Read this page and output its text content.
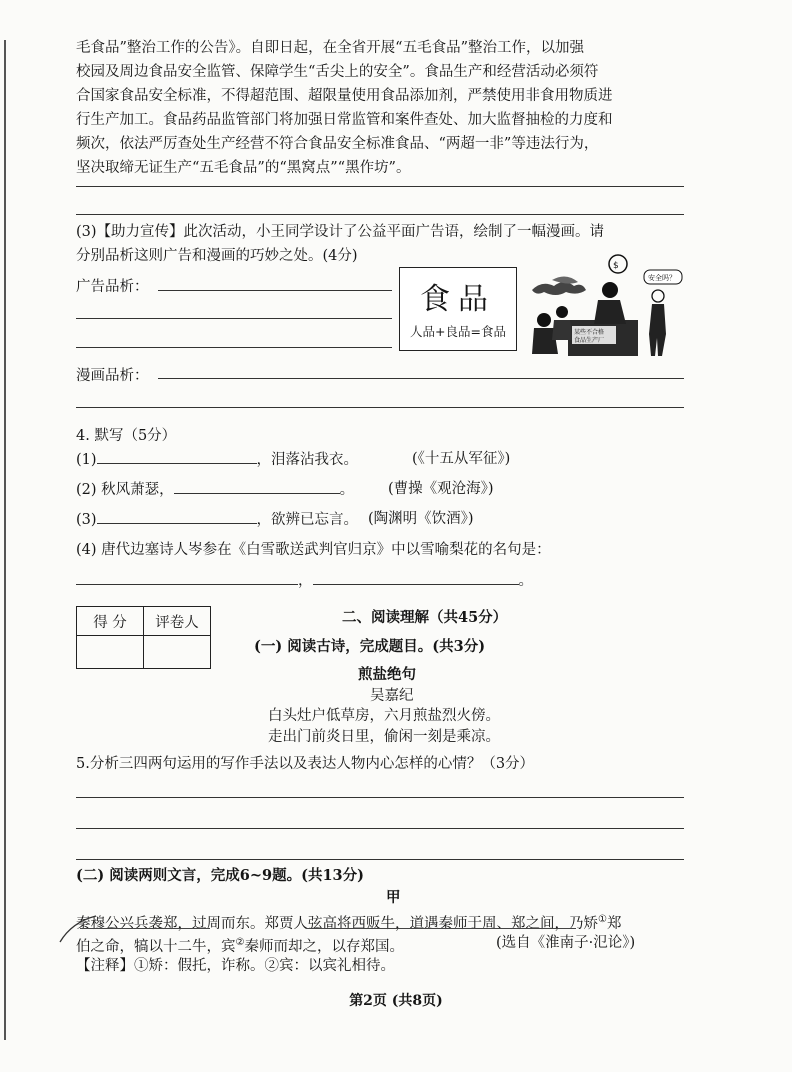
毛食品”整治工作的公告》。自即日起，在全省开展“五毛食品”整治工作，以加强
校园及周边食品安全监管、保障学生“舌尖上的安全”。食品生产和经营活动必须符
合国家食品安全标准，不得超范围、超限量使用食品添加剂，严禁使用非食用物质进
行生产加工。食品药品监管部门将加强日常监管和案件查处、加大监督抽检的力度和
频次，依法严厉查处生产经营不符合食品安全标准食品、“两超一非”等违法行为，
坚决取缔无证生产“五毛食品”的“黑窝点”“黑作坊”。
(3)【助力宣传】此次活动，小王同学设计了公益平面广告语，绘制了一幅漫画。请
分别品析这则广告和漫画的巧妙之处。(4分)
广告品析：	食品
人品+良品=食品	某些不合格
食品生产厂
$
安全吗？
漫画品析：
4. 默写（5分）
(1)	，泪落沾我衣。	(《十五从军征》)
(2) 秋风萧瑟，	。 (曹操《观沧海》)
(3)	，欲辨已忘言。 (陶渊明《饮酒》)
(4) 唐代边塞诗人岑参在《白雪歌送武判官归京》中以雪喻梨花的名句是：
，	。
得 分	评卷人
		二、阅读理解（共45分）
(一) 阅读古诗，完成题目。(共3分)
煎盐绝句
吴嘉纪
白头灶户低草房，六月煎盐烈火傍。
走出门前炎日里，偷闲一刻是乘凉。
5.分析三四两句运用的写作手法以及表达人物内心怎样的心情？（3分）
(二) 阅读两则文言，完成6~9题。(共13分)
甲
秦穆公兴兵袭郑，过周而东。郑贾人弦高将西贩牛，道遇秦师于周、郑之间，乃矫①郑
伯之命，犒以十二牛，宾②秦师而却之，以存郑国。	(选自《淮南子·氾论》)
【注释】①矫：假托，诈称。②宾：以宾礼相待。
第2页 (共8页)
